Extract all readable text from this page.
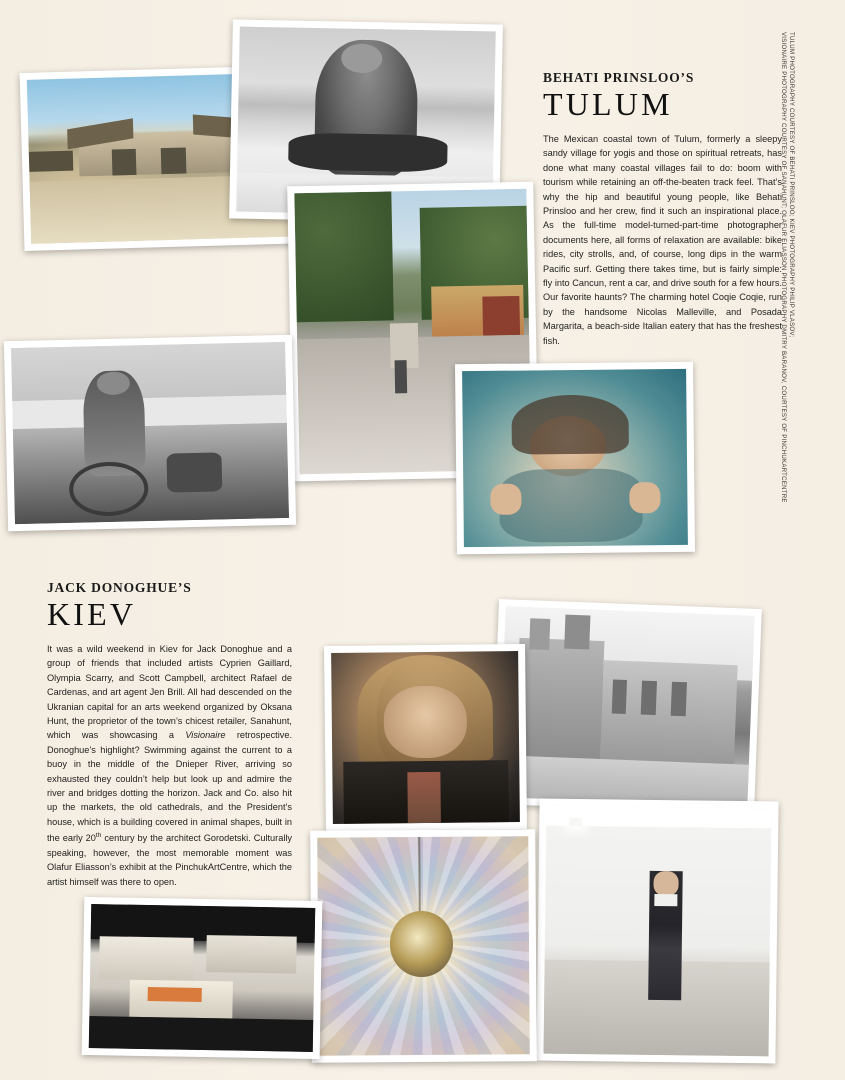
BEHATI PRINSLOO’S
TULUM

The Mexican coastal town of Tulum, formerly a sleepy sandy village for yogis and those on spiritual retreats, has done what many coastal villages fail to do: boom with tourism while retaining an off-the-beaten track feel. That’s why the hip and beautiful young people, like Behati Prinsloo and her crew, find it such an inspirational place. As the full-time model-turned-part-time photographer documents here, all forms of relaxation are available: bike rides, city strolls, and, of course, long dips in the warm Pacific surf. Getting there takes time, but is fairly simple: fly into Cancun, rent a car, and drive south for a few hours. Our favorite haunts? The charming hotel Coqie Coqie, run by the handsome Nicolas Malleville, and Posada Margarita, a beach-side Italian eatery that has the freshest fish.

JACK DONOGHUE’S
KIEV

It was a wild weekend in Kiev for Jack Donoghue and a group of friends that included artists Cyprien Gaillard, Olympia Scarry, and Scott Campbell, architect Rafael de Cardenas, and art agent Jen Brill. All had descended on the Ukranian capital for an arts weekend organized by Oksana Hunt, the proprietor of the town’s chicest retailer, Sanahunt, which was showcasing a Visionaire retrospective. Donoghue’s highlight? Swimming against the current to a buoy in the middle of the Dnieper River, arriving so exhausted they couldn’t help but look up and admire the river and bridges dotting the horizon. Jack and Co. also hit up the markets, the old cathedrals, and the President’s house, which is a building covered in animal shapes, built in the early 20th century by the architect Gorodetski. Culturally speaking, however, the most memorable moment was Olafur Eliasson’s exhibit at the PinchukArtCentre, which the artist himself was there to open.

TULUM PHOTOGRAPHY COURTESY OF BEHATI PRINSLOO; KIEV PHOTOGRAPHY PHILIP VLASOV;
VISIONAIRE PHOTOGRAPHY COURTESY OF SANAHUNT; OLAFUR ELIASSON PHOTOGRAPHY DMITRY BARANOV, COURTESY OF PINCHUKARTCENTRE
